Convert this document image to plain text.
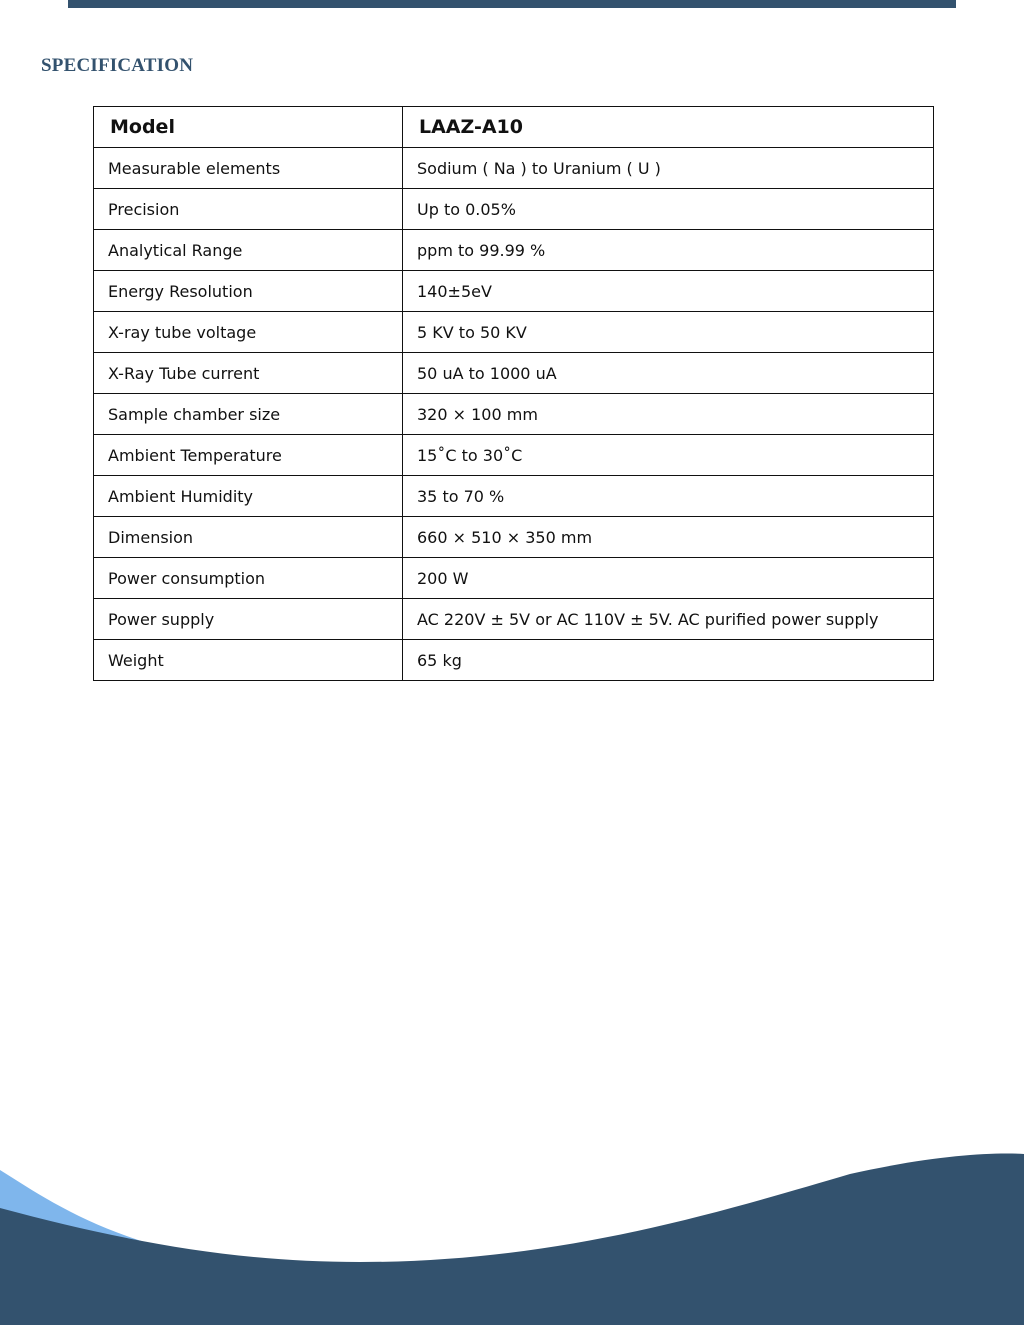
SPECIFICATION
Model	LAAZ-A10
Measurable elements	Sodium ( Na ) to Uranium ( U )
Precision	Up to 0.05%
Analytical Range	ppm to 99.99 %
Energy Resolution	140±5eV
X-ray tube voltage	5 KV to 50 KV
X-Ray Tube current	50 uA to 1000 uA
Sample chamber size	320 × 100 mm
Ambient Temperature	15˚C to 30˚C
Ambient Humidity	35 to 70 %
Dimension	660 × 510 × 350 mm
Power consumption	200 W
Power supply	AC 220V ± 5V or AC 110V ± 5V. AC purified power supply
Weight	65 kg
